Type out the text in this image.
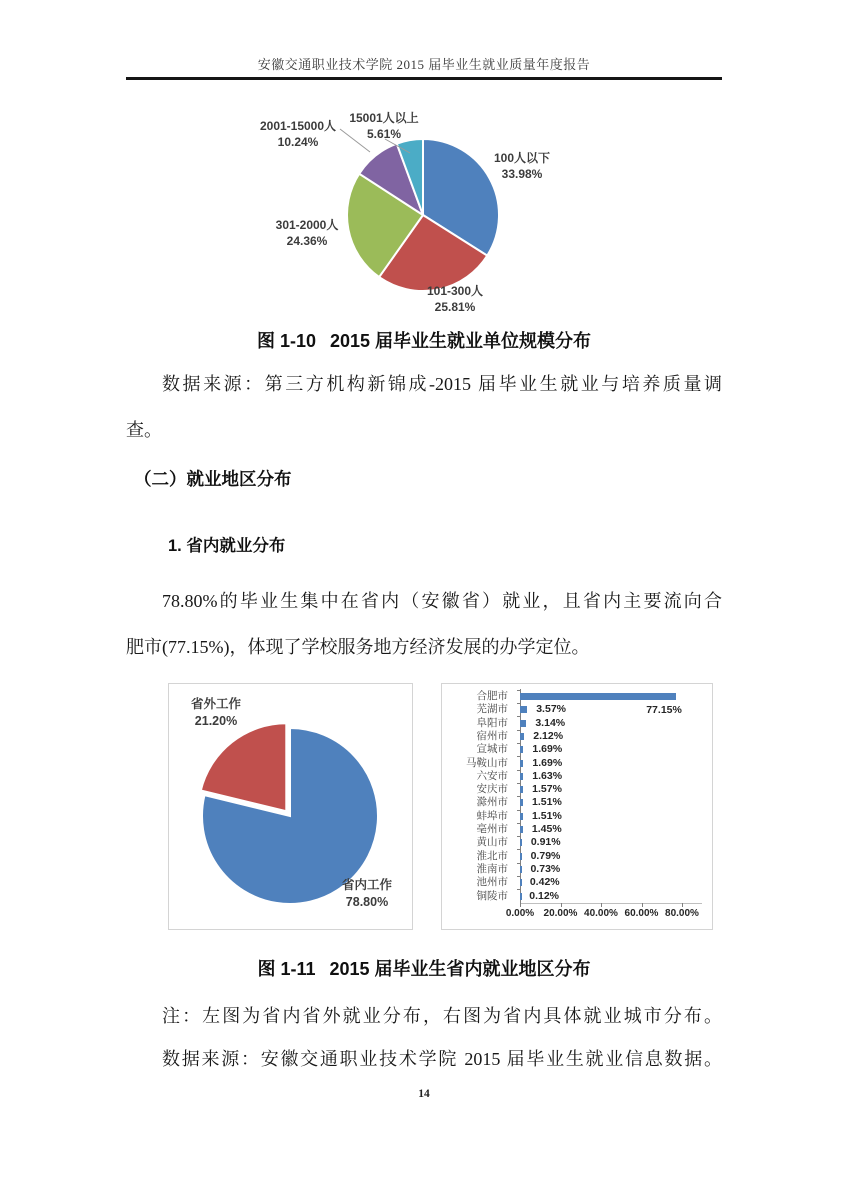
安徽交通职业技术学院 2015 届毕业生就业质量年度报告
100人以下
33.98%
101-300人
25.81%
301-2000人
24.36%
2001-15000人
10.24%
15001人以上
5.61%
图 1-10 2015 届毕业生就业单位规模分布
数据来源：第三方机构新锦成-2015 届毕业生就业与培养质量调
查。
（二）就业地区分布
1. 省内就业分布
78.80%的毕业生集中在省内（安徽省）就业，且省内主要流向合
肥市(77.15%)，体现了学校服务地方经济发展的办学定位。
省外工作
21.20%
省内工作
78.80%
合肥市
77.15%
芜湖市	3.57%
阜阳市	3.14%
宿州市 2.12%
宣城市 1.69%
马鞍山市 1.69%
六安市 1.63%
安庆市 1.57%
滁州市 1.51%
蚌埠市 1.51%
亳州市 1.45%
黄山市 0.91%
淮北市 0.79%
淮南市 0.73%
池州市 0.42%
铜陵市 0.12%
0.00% 20.00% 40.00% 60.00% 80.00%
图 1-11 2015 届毕业生省内就业地区分布
注：左图为省内省外就业分布，右图为省内具体就业城市分布。
数据来源：安徽交通职业技术学院 2015 届毕业生就业信息数据。
14
